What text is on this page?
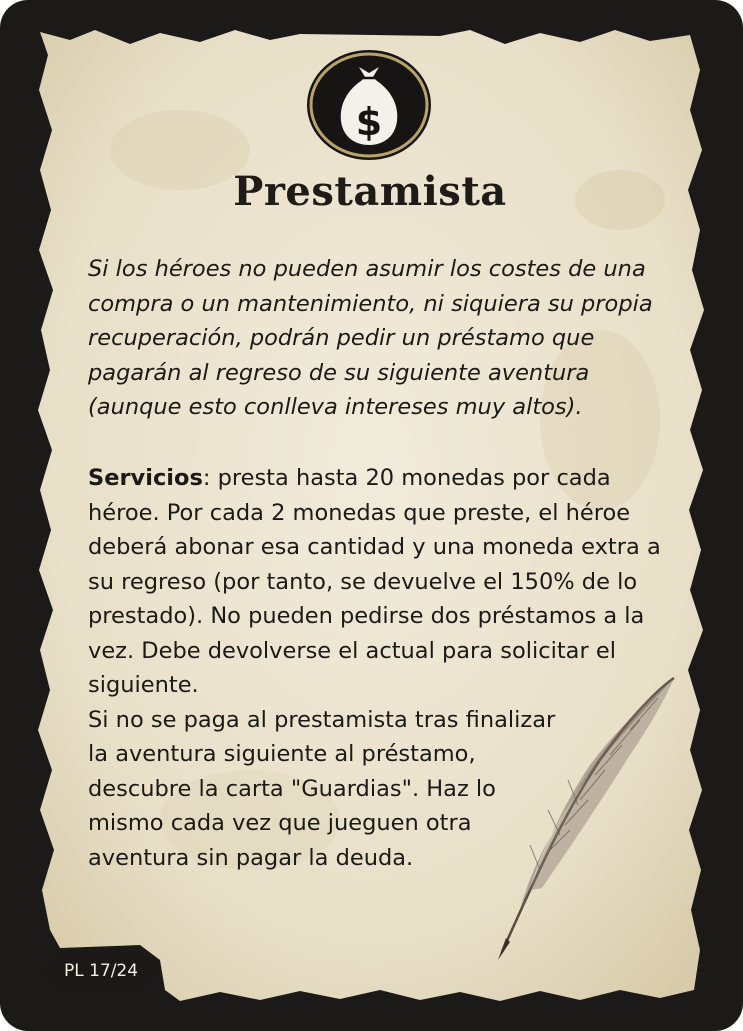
$
Prestamista

Si los héroes no pueden asumir los costes de una compra o un mantenimiento, ni siquiera su propia recuperación, podrán pedir un préstamo que pagarán al regreso de su siguiente aventura (aunque esto conlleva intereses muy altos).

Servicios: presta hasta 20 monedas por cada héroe. Por cada 2 monedas que preste, el héroe deberá abonar esa cantidad y una moneda extra a su regreso (por tanto, se devuelve el 150% de lo prestado). No pueden pedirse dos préstamos a la vez. Debe devolverse el actual para solicitar el siguiente.

Si no se paga al prestamista tras finalizar la aventura siguiente al préstamo, descubre la carta "Guardias". Haz lo mismo cada vez que jueguen otra aventura sin pagar la deuda.

PL 17/24
